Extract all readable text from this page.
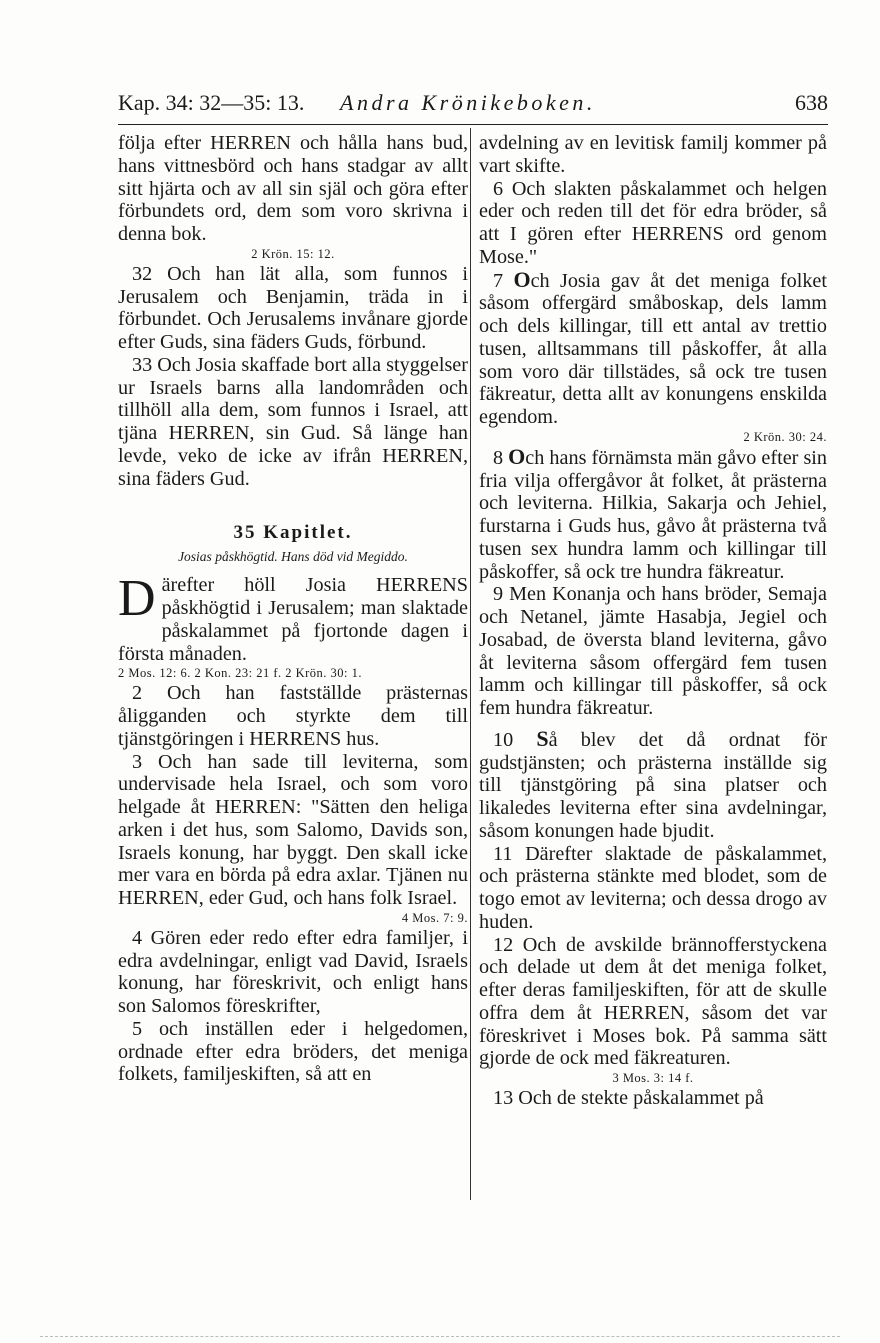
Kap. 34: 32—35: 13. Andra Krönikeboken.	638
följa efter HERREN och hålla hans bud, hans vittnesbörd och hans stadgar av allt sitt hjärta och av all sin själ och göra efter förbundets ord, dem som voro skrivna i denna bok.
2 Krön. 15: 12.
32 Och han lät alla, som funnos i Jerusalem och Benjamin, träda in i förbundet. Och Jerusalems invånare gjorde efter Guds, sina fäders Guds, förbund.
33 Och Josia skaffade bort alla styggelser ur Israels barns alla landområden och tillhöll alla dem, som funnos i Israel, att tjäna HERREN, sin Gud. Så länge han levde, veko de icke av ifrån HERREN, sina fäders Gud.
35 Kapitlet.
Josias påskhögtid. Hans död vid Megiddo.
Därefter höll Josia HERRENS påskhögtid i Jerusalem; man slaktade påskalammet på fjortonde dagen i första månaden.
2 Mos. 12: 6. 2 Kon. 23: 21 f. 2 Krön. 30: 1.
2 Och han fastställde prästernas åligganden och styrkte dem till tjänstgöringen i HERRENS hus.
3 Och han sade till leviterna, som undervisade hela Israel, och som voro helgade åt HERREN: "Sätten den heliga arken i det hus, som Salomo, Davids son, Israels konung, har byggt. Den skall icke mer vara en börda på edra axlar. Tjänen nu HERREN, eder Gud, och hans folk Israel.
4 Mos. 7: 9.
4 Gören eder redo efter edra familjer, i edra avdelningar, enligt vad David, Israels konung, har föreskrivit, och enligt hans son Salomos föreskrifter,
5 och inställen eder i helgedomen, ordnade efter edra bröders, det meniga folkets, familjeskiften, så att en
avdelning av en levitisk familj kommer på vart skifte.
6 Och slakten påskalammet och helgen eder och reden till det för edra bröder, så att I gören efter HERRENS ord genom Mose."
7 Och Josia gav åt det meniga folket såsom offergärd småboskap, dels lamm och dels killingar, till ett antal av trettio tusen, alltsammans till påskoffer, åt alla som voro där tillstädes, så ock tre tusen fäkreatur, detta allt av konungens enskilda egendom.
2 Krön. 30: 24.
8 Och hans förnämsta män gåvo efter sin fria vilja offergåvor åt folket, åt prästerna och leviterna. Hilkia, Sakarja och Jehiel, furstarna i Guds hus, gåvo åt prästerna två tusen sex hundra lamm och killingar till påskoffer, så ock tre hundra fäkreatur.
9 Men Konanja och hans bröder, Semaja och Netanel, jämte Hasabja, Jegiel och Josabad, de översta bland leviterna, gåvo åt leviterna såsom offergärd fem tusen lamm och killingar till påskoffer, så ock fem hundra fäkreatur.
10 Så blev det då ordnat för gudstjänsten; och prästerna inställde sig till tjänstgöring på sina platser och likaledes leviterna efter sina avdelningar, såsom konungen hade bjudit.
11 Därefter slaktade de påskalammet, och prästerna stänkte med blodet, som de togo emot av leviterna; och dessa drogo av huden.
12 Och de avskilde brännofferstyckena och delade ut dem åt det meniga folket, efter deras familjeskiften, för att de skulle offra dem åt HERREN, såsom det var föreskrivet i Moses bok. På samma sätt gjorde de ock med fäkreaturen.
3 Mos. 3: 14 f.
13 Och de stekte påskalammet på
